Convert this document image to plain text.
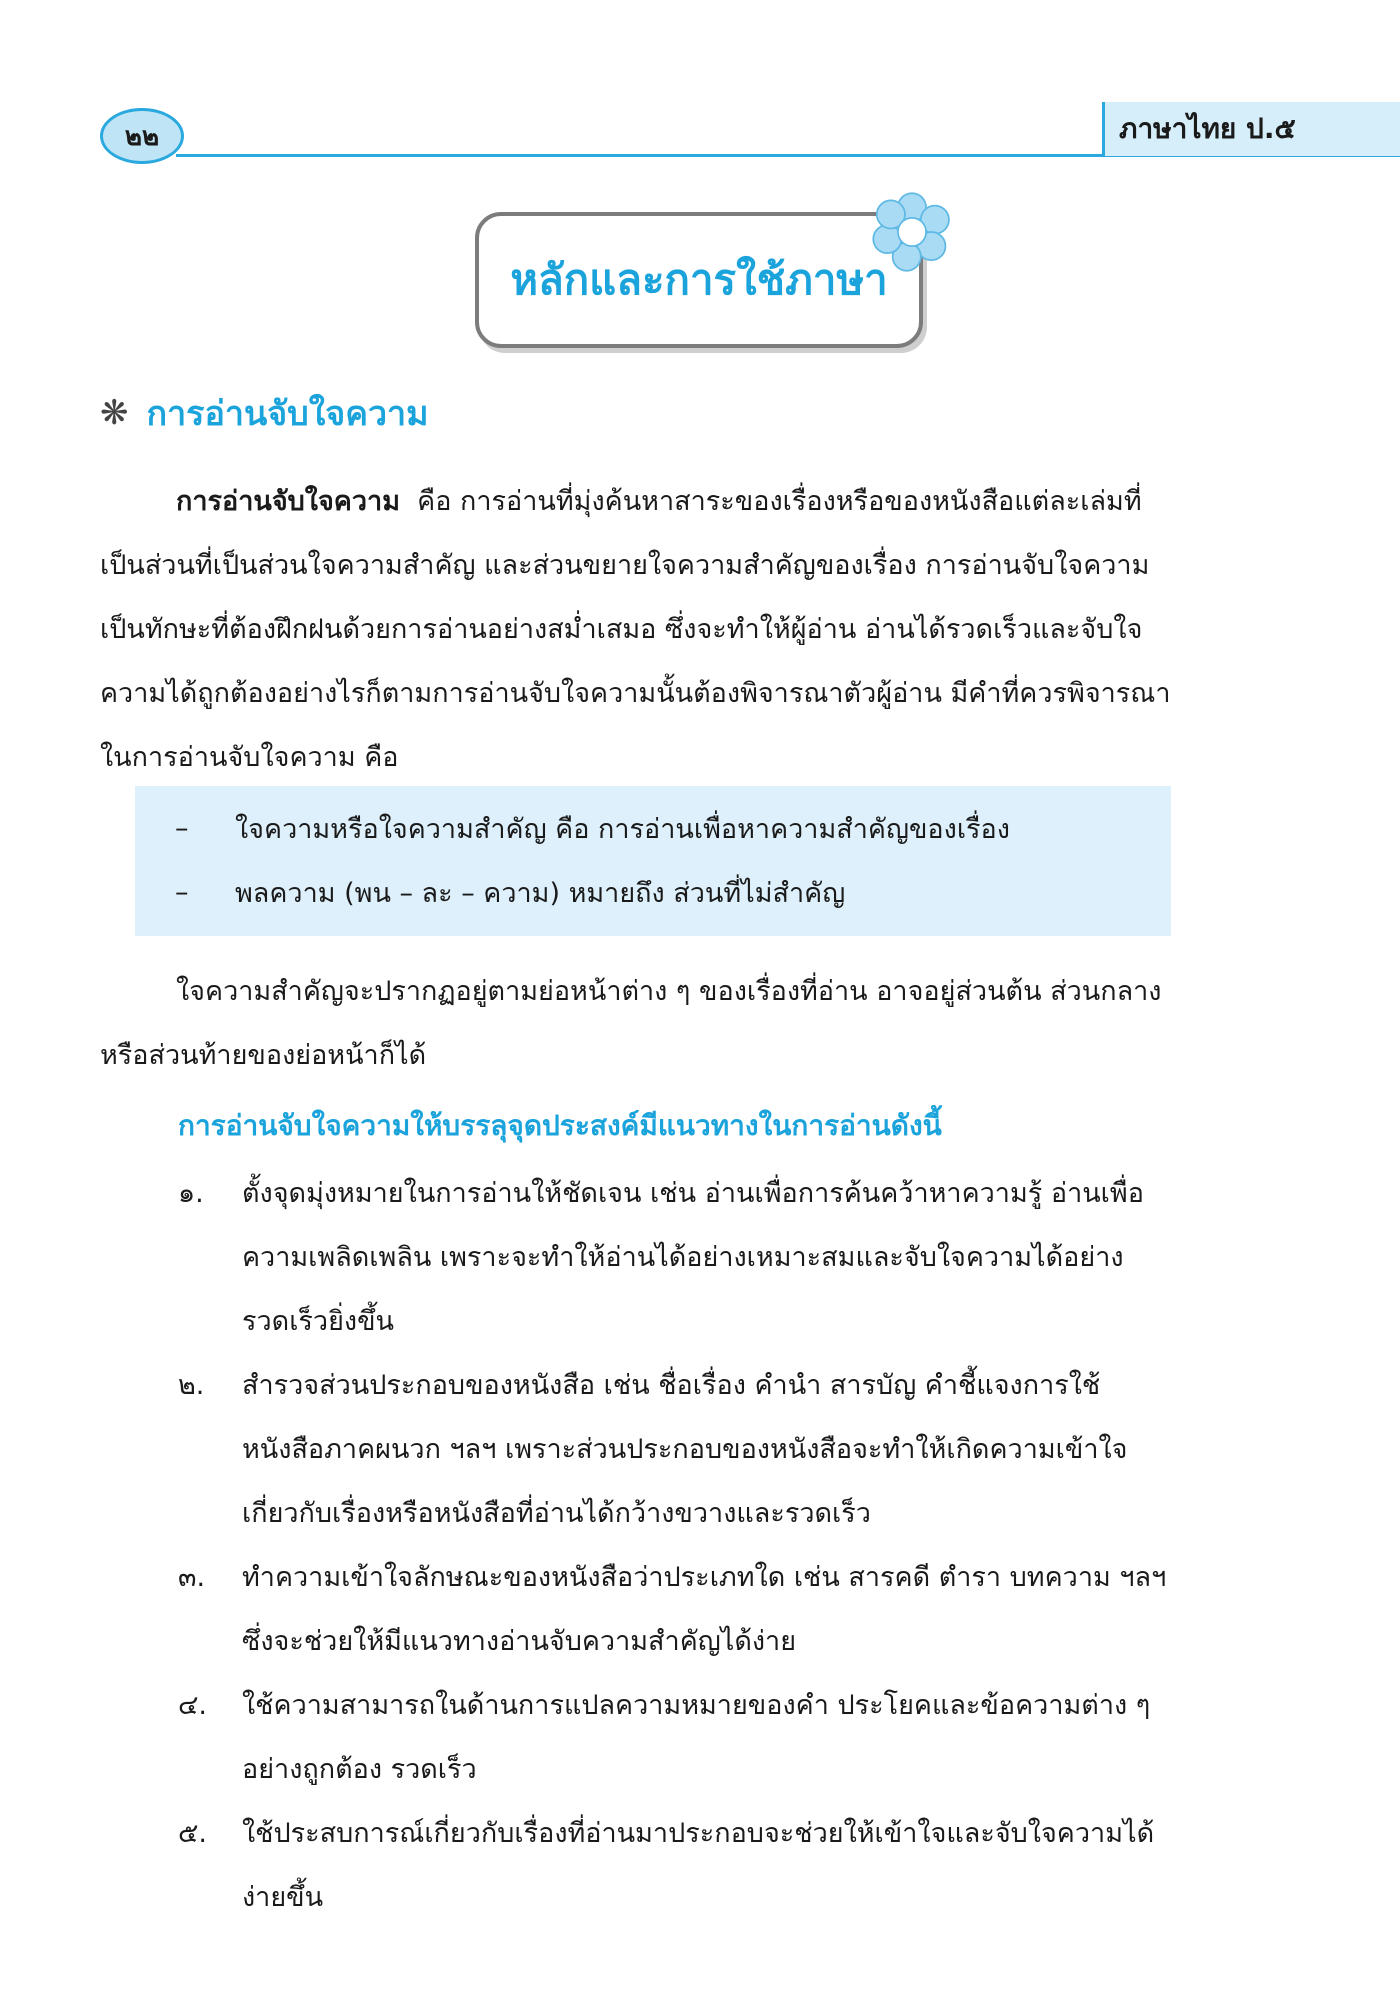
๒๒	ภาษาไทย ป.๕
หลักและการใช้ภาษา
❋ การอ่านจับใจความ
การอ่านจับใจความ คือ การอ่านที่มุ่งค้นหาสาระของเรื่องหรือของหนังสือแต่ละเล่มที่
เป็นส่วนที่เป็นส่วนใจความสำคัญ และส่วนขยายใจความสำคัญของเรื่อง การอ่านจับใจความ
เป็นทักษะที่ต้องฝึกฝนด้วยการอ่านอย่างสม่ำเสมอ ซึ่งจะทำให้ผู้อ่าน อ่านได้รวดเร็วและจับใจ
ความได้ถูกต้องอย่างไรก็ตามการอ่านจับใจความนั้นต้องพิจารณาตัวผู้อ่าน มีคำที่ควรพิจารณา
ในการอ่านจับใจความ คือ
–	ใจความหรือใจความสำคัญ คือ การอ่านเพื่อหาความสำคัญของเรื่อง
–	พลความ (พน – ละ – ความ) หมายถึง ส่วนที่ไม่สำคัญ
ใจความสำคัญจะปรากฏอยู่ตามย่อหน้าต่าง ๆ ของเรื่องที่อ่าน อาจอยู่ส่วนต้น ส่วนกลาง
หรือส่วนท้ายของย่อหน้าก็ได้
การอ่านจับใจความให้บรรลุจุดประสงค์มีแนวทางในการอ่านดังนี้
๑.	ตั้งจุดมุ่งหมายในการอ่านให้ชัดเจน เช่น อ่านเพื่อการค้นคว้าหาความรู้ อ่านเพื่อ
ความเพลิดเพลิน เพราะจะทำให้อ่านได้อย่างเหมาะสมและจับใจความได้อย่าง
รวดเร็วยิ่งขึ้น
๒.	สำรวจส่วนประกอบของหนังสือ เช่น ชื่อเรื่อง คำนำ สารบัญ คำชี้แจงการใช้
หนังสือภาคผนวก ฯลฯ เพราะส่วนประกอบของหนังสือจะทำให้เกิดความเข้าใจ
เกี่ยวกับเรื่องหรือหนังสือที่อ่านได้กว้างขวางและรวดเร็ว
๓.	ทำความเข้าใจลักษณะของหนังสือว่าประเภทใด เช่น สารคดี ตำรา บทความ ฯลฯ
ซึ่งจะช่วยให้มีแนวทางอ่านจับความสำคัญได้ง่าย
๔.	ใช้ความสามารถในด้านการแปลความหมายของคำ ประโยคและข้อความต่าง ๆ
อย่างถูกต้อง รวดเร็ว
๕.	ใช้ประสบการณ์เกี่ยวกับเรื่องที่อ่านมาประกอบจะช่วยให้เข้าใจและจับใจความได้
ง่ายขึ้น
